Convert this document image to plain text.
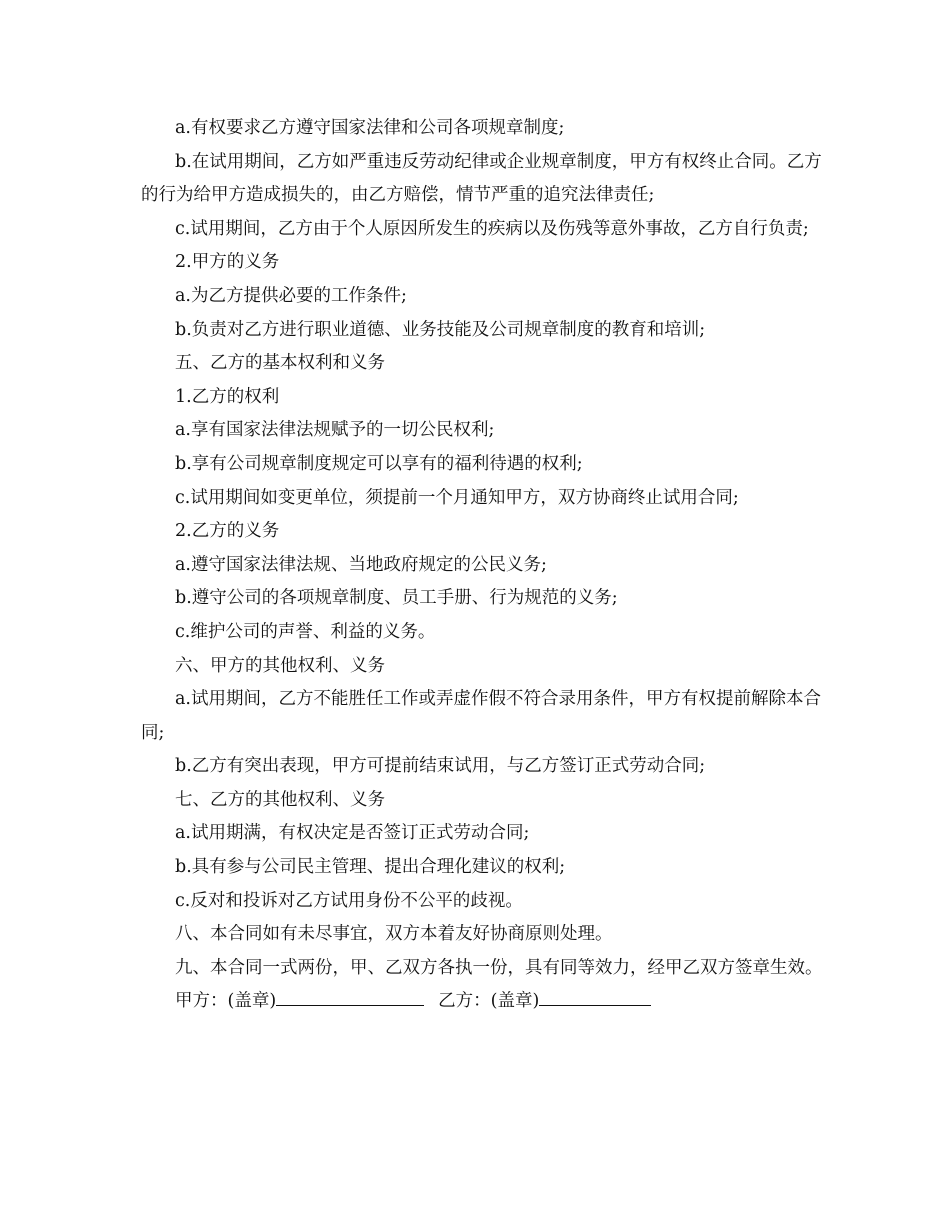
a.有权要求乙方遵守国家法律和公司各项规章制度;

b.在试用期间，乙方如严重违反劳动纪律或企业规章制度，甲方有权终止合同。乙方的行为给甲方造成损失的，由乙方赔偿，情节严重的追究法律责任;

c.试用期间，乙方由于个人原因所发生的疾病以及伤残等意外事故，乙方自行负责;

2.甲方的义务

a.为乙方提供必要的工作条件;

b.负责对乙方进行职业道德、业务技能及公司规章制度的教育和培训;

五、乙方的基本权利和义务

1.乙方的权利

a.享有国家法律法规赋予的一切公民权利;

b.享有公司规章制度规定可以享有的福利待遇的权利;

c.试用期间如变更单位，须提前一个月通知甲方，双方协商终止试用合同;

2.乙方的义务

a.遵守国家法律法规、当地政府规定的公民义务;

b.遵守公司的各项规章制度、员工手册、行为规范的义务;

c.维护公司的声誉、利益的义务。

六、甲方的其他权利、义务

a.试用期间，乙方不能胜任工作或弄虚作假不符合录用条件，甲方有权提前解除本合同;

b.乙方有突出表现，甲方可提前结束试用，与乙方签订正式劳动合同;

七、乙方的其他权利、义务

a.试用期满，有权决定是否签订正式劳动合同;

b.具有参与公司民主管理、提出合理化建议的权利;

c.反对和投诉对乙方试用身份不公平的歧视。

八、本合同如有未尽事宜，双方本着友好协商原则处理。

九、本合同一式两份，甲、乙双方各执一份，具有同等效力，经甲乙双方签章生效。

甲方：(盖章)	乙方：(盖章)
